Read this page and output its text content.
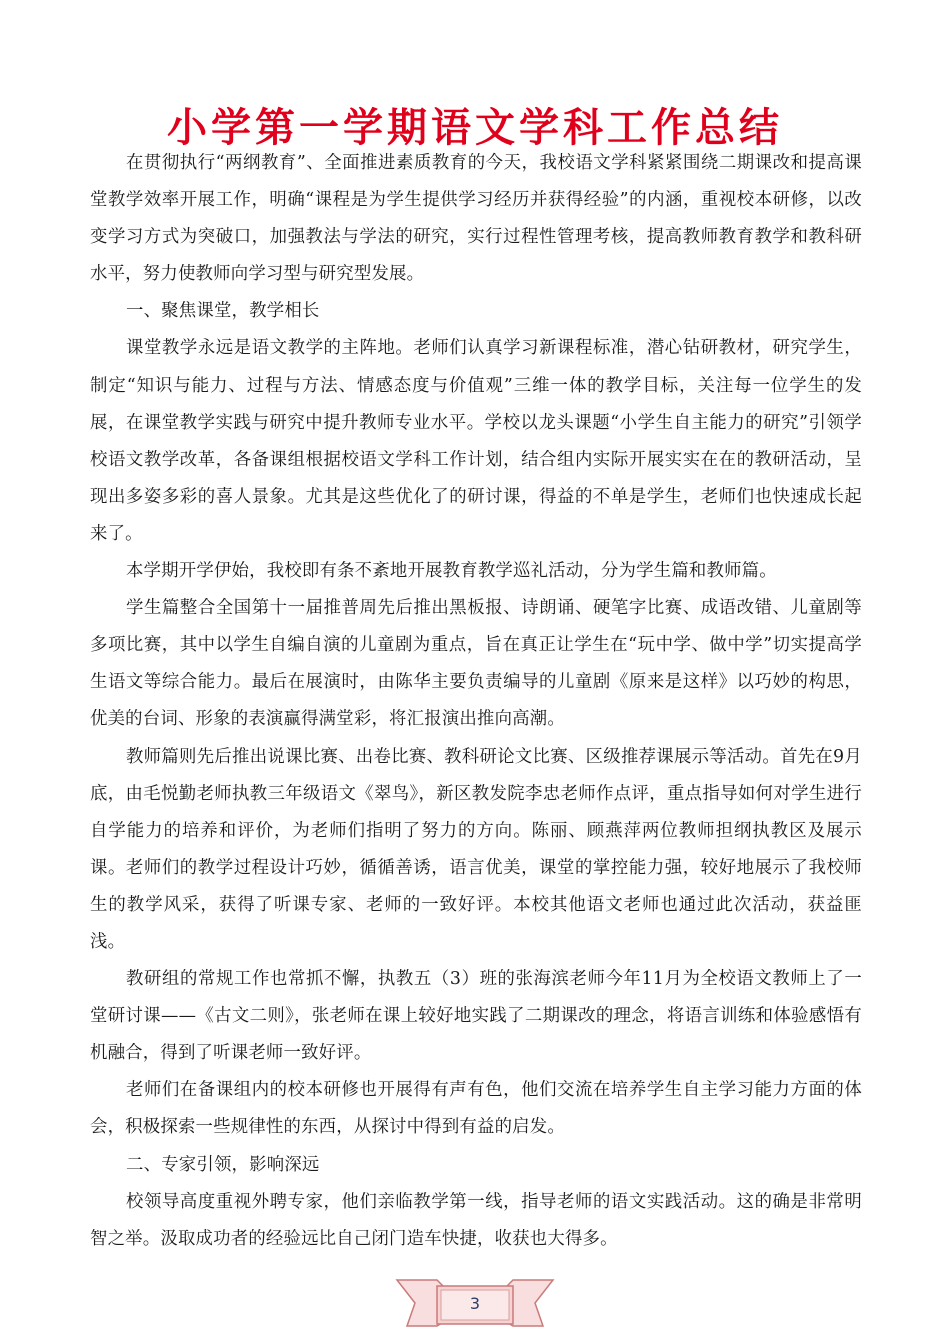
小学第一学期语文学科工作总结

在贯彻执行“两纲教育”、全面推进素质教育的今天，我校语文学科紧紧围绕二期课改和提高课堂教学效率开展工作，明确“课程是为学生提供学习经历并获得经验”的内涵，重视校本研修，以改变学习方式为突破口，加强教法与学法的研究，实行过程性管理考核，提高教师教育教学和教科研水平，努力使教师向学习型与研究型发展。

一、聚焦课堂，教学相长

课堂教学永远是语文教学的主阵地。老师们认真学习新课程标准，潜心钻研教材，研究学生，制定“知识与能力、过程与方法、情感态度与价值观”三维一体的教学目标，关注每一位学生的发展，在课堂教学实践与研究中提升教师专业水平。学校以龙头课题“小学生自主能力的研究”引领学校语文教学改革，各备课组根据校语文学科工作计划，结合组内实际开展实实在在的教研活动，呈现出多姿多彩的喜人景象。尤其是这些优化了的研讨课，得益的不单是学生，老师们也快速成长起来了。

本学期开学伊始，我校即有条不紊地开展教育教学巡礼活动，分为学生篇和教师篇。

学生篇整合全国第十一届推普周先后推出黑板报、诗朗诵、硬笔字比赛、成语改错、儿童剧等多项比赛，其中以学生自编自演的儿童剧为重点，旨在真正让学生在“玩中学、做中学”切实提高学生语文等综合能力。最后在展演时，由陈华主要负责编导的儿童剧《原来是这样》以巧妙的构思，优美的台词、形象的表演赢得满堂彩，将汇报演出推向高潮。

教师篇则先后推出说课比赛、出卷比赛、教科研论文比赛、区级推荐课展示等活动。首先在9月底，由毛悦勤老师执教三年级语文《翠鸟》，新区教发院李忠老师作点评，重点指导如何对学生进行自学能力的培养和评价，为老师们指明了努力的方向。陈丽、顾燕萍两位教师担纲执教区及展示课。老师们的教学过程设计巧妙，循循善诱，语言优美，课堂的掌控能力强，较好地展示了我校师生的教学风采，获得了听课专家、老师的一致好评。本校其他语文老师也通过此次活动，获益匪浅。

教研组的常规工作也常抓不懈，执教五（3）班的张海滨老师今年11月为全校语文教师上了一堂研讨课——《古文二则》，张老师在课上较好地实践了二期课改的理念，将语言训练和体验感悟有机融合，得到了听课老师一致好评。

老师们在备课组内的校本研修也开展得有声有色，他们交流在培养学生自主学习能力方面的体会，积极探索一些规律性的东西，从探讨中得到有益的启发。

二、专家引领，影响深远

校领导高度重视外聘专家，他们亲临教学第一线，指导老师的语文实践活动。这的确是非常明智之举。汲取成功者的经验远比自己闭门造车快捷，收获也大得多。

3
